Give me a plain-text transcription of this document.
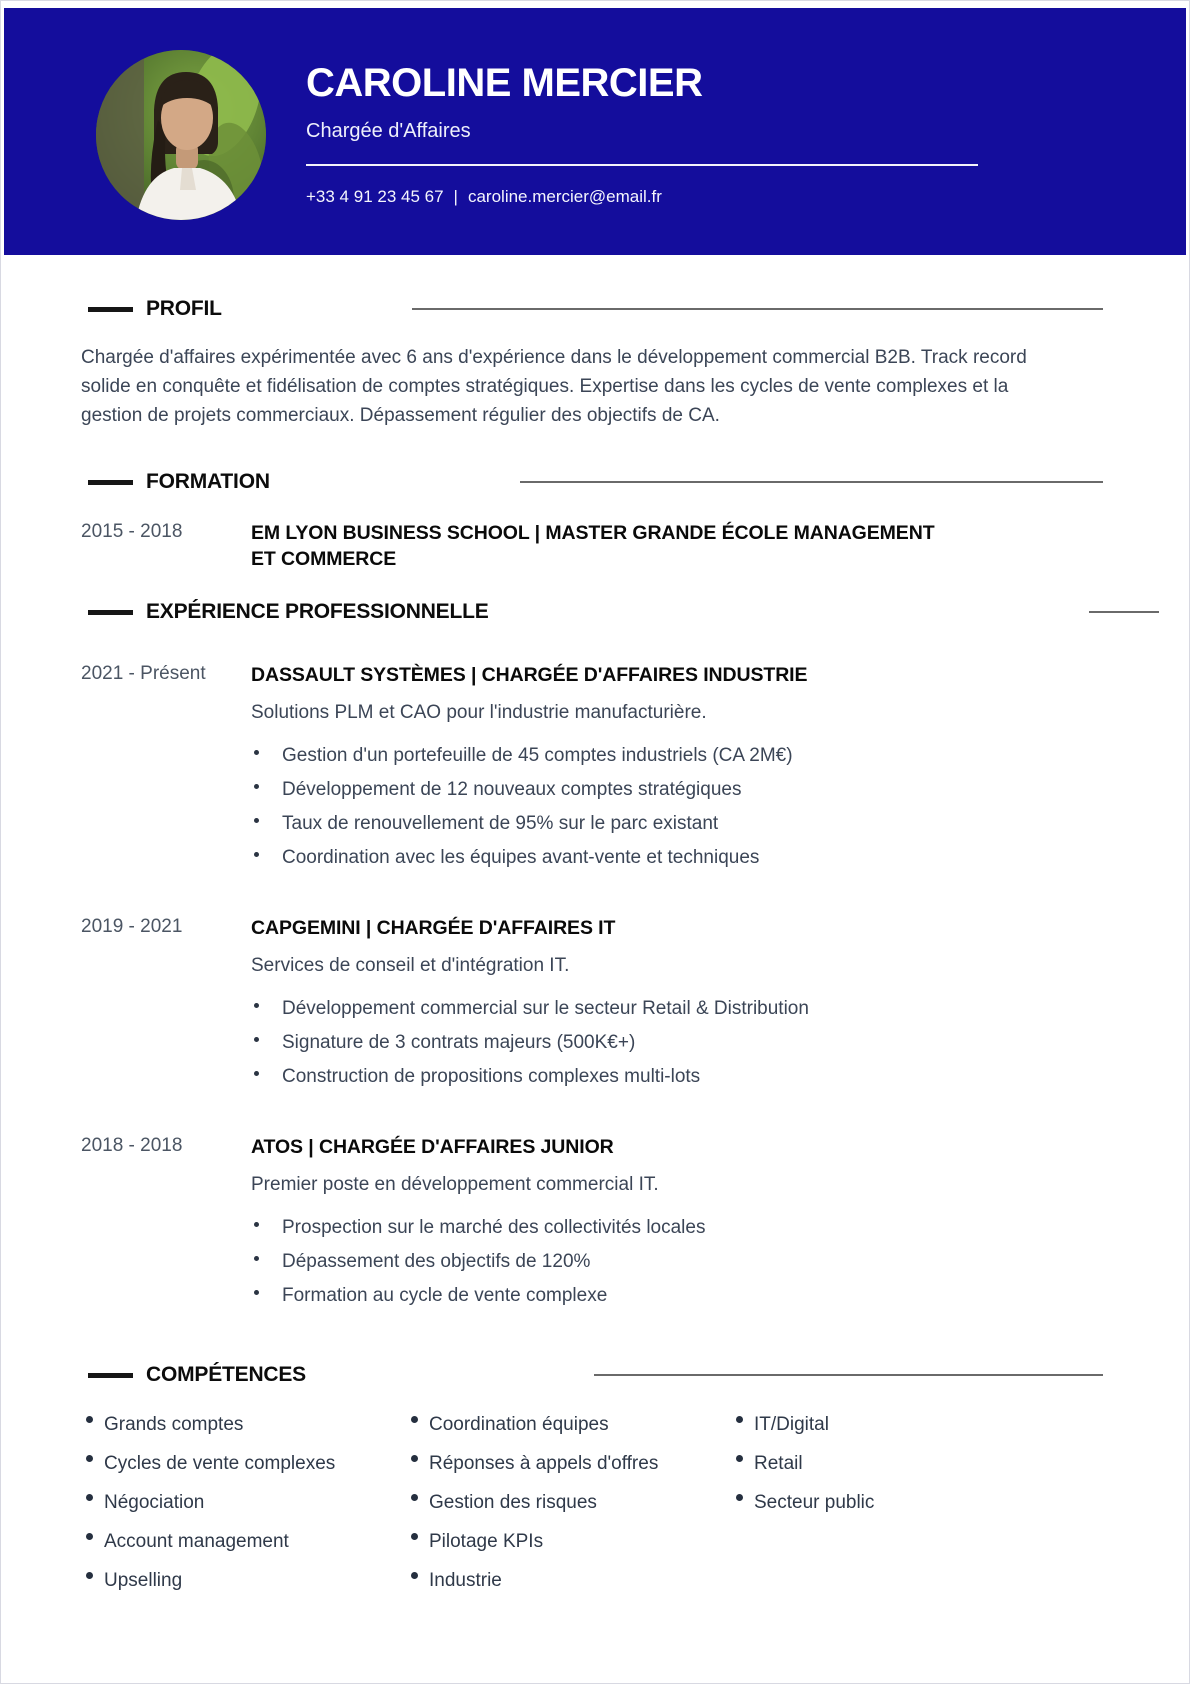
CAROLINE MERCIER
Chargée d'Affaires
+33 4 91 23 45 67 | caroline.mercier@email.fr
PROFIL

Chargée d'affaires expérimentée avec 6 ans d'expérience dans le développement commercial B2B. Track record solide en conquête et fidélisation de comptes stratégiques. Expertise dans les cycles de vente complexes et la gestion de projets commerciaux. Dépassement régulier des objectifs de CA.

FORMATION
2015 - 2018	EM LYON BUSINESS SCHOOL | MASTER GRANDE ÉCOLE MANAGEMENT ET COMMERCE
EXPÉRIENCE PROFESSIONNELLE
2021 - Présent	DASSAULT SYSTÈMES | CHARGÉE D'AFFAIRES INDUSTRIE
Solutions PLM et CAO pour l'industrie manufacturière.
Gestion d'un portefeuille de 45 comptes industriels (CA 2M€)
Développement de 12 nouveaux comptes stratégiques
Taux de renouvellement de 95% sur le parc existant
Coordination avec les équipes avant-vente et techniques
2019 - 2021	CAPGEMINI | CHARGÉE D'AFFAIRES IT
Services de conseil et d'intégration IT.
Développement commercial sur le secteur Retail & Distribution
Signature de 3 contrats majeurs (500K€+)
Construction de propositions complexes multi-lots
2018 - 2018	ATOS | CHARGÉE D'AFFAIRES JUNIOR
Premier poste en développement commercial IT.
Prospection sur le marché des collectivités locales
Dépassement des objectifs de 120%
Formation au cycle de vente complexe
COMPÉTENCES
Grands comptes
Cycles de vente complexes
Négociation
Account management
Upselling
Coordination équipes
Réponses à appels d'offres
Gestion des risques
Pilotage KPIs
Industrie
IT/Digital
Retail
Secteur public
